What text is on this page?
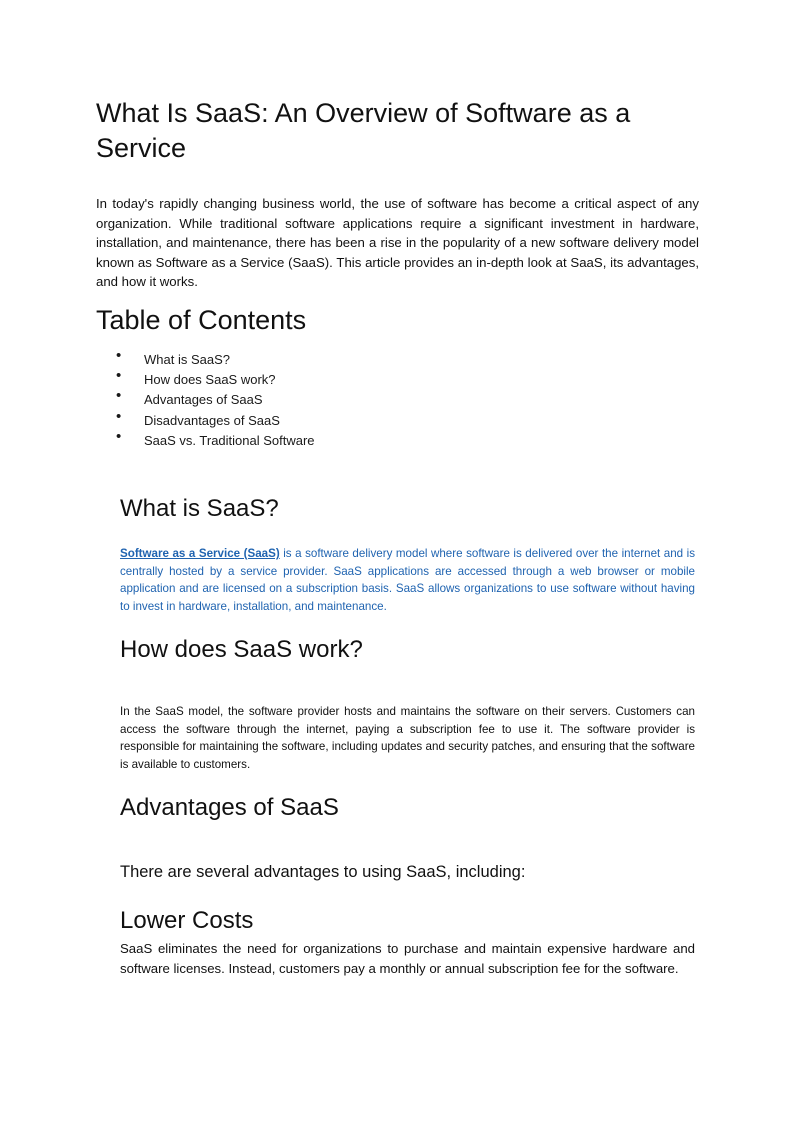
What Is SaaS: An Overview of Software as a Service

In today's rapidly changing business world, the use of software has become a critical aspect of any organization. While traditional software applications require a significant investment in hardware, installation, and maintenance, there has been a rise in the popularity of a new software delivery model known as Software as a Service (SaaS). This article provides an in-depth look at SaaS, its advantages, and how it works.

Table of Contents
• What is SaaS?
• How does SaaS work?
• Advantages of SaaS
• Disadvantages of SaaS
• SaaS vs. Traditional Software
What is SaaS?

Software as a Service (SaaS) is a software delivery model where software is delivered over the internet and is centrally hosted by a service provider. SaaS applications are accessed through a web browser or mobile application and are licensed on a subscription basis. SaaS allows organizations to use software without having to invest in hardware, installation, and maintenance.

How does SaaS work?

In the SaaS model, the software provider hosts and maintains the software on their servers. Customers can access the software through the internet, paying a subscription fee to use it. The software provider is responsible for maintaining the software, including updates and security patches, and ensuring that the software is available to customers.

Advantages of SaaS

There are several advantages to using SaaS, including:

Lower Costs

SaaS eliminates the need for organizations to purchase and maintain expensive hardware and software licenses. Instead, customers pay a monthly or annual subscription fee for the software.
